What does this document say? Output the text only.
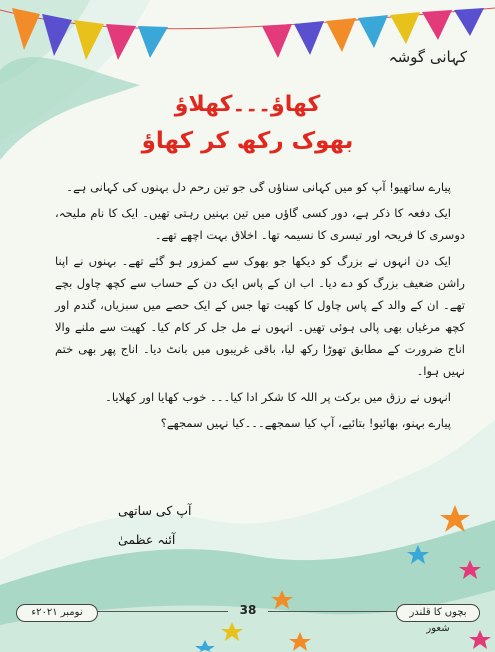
کہانی گوشہ
کھاؤ۔۔۔کھلاؤ
بھوک رکھ کر کھاؤ

پیارے ساتھیو! آپ کو میں کہانی سناؤں گی جو تین رحم دل بہنوں کی کہانی ہے۔

ایک دفعہ کا ذکر ہے، دور کسی گاؤں میں تین بہنیں رہتی تھیں۔ ایک کا نام ملیحہ، دوسری کا فریحہ اور تیسری کا نسیمہ تھا۔ اخلاق بہت اچھے تھے۔

ایک دن انہوں نے بزرگ کو دیکھا جو بھوک سے کمزور ہو گئے تھے۔ بہنوں نے اپنا راشن ضعیف بزرگ کو دے دیا۔ اب ان کے پاس ایک دن کے حساب سے کچھ چاول بچے تھے۔ ان کے والد کے پاس چاول کا کھیت تھا جس کے ایک حصے میں سبزیاں، گندم اور کچھ مرغیاں بھی پالی ہوئی تھیں۔ انہوں نے مل جل کر کام کیا۔ کھیت سے ملنے والا اناج ضرورت کے مطابق تھوڑا رکھ لیا، باقی غریبوں میں بانٹ دیا۔ اناج پھر بھی ختم نہیں ہوا۔

انہوں نے رزق میں برکت پر اللہ کا شکر ادا کیا۔۔۔ خوب کھایا اور کھلایا۔

پیارے بہنو، بھائیو! بتائیے، آپ کیا سمجھے۔۔۔کیا نہیں سمجھے؟

آپ کی ساتھی
آئنہ عظمیٰ
نومبر ۲۰۲۱ء	38	بچوں کا قلندر شعور
